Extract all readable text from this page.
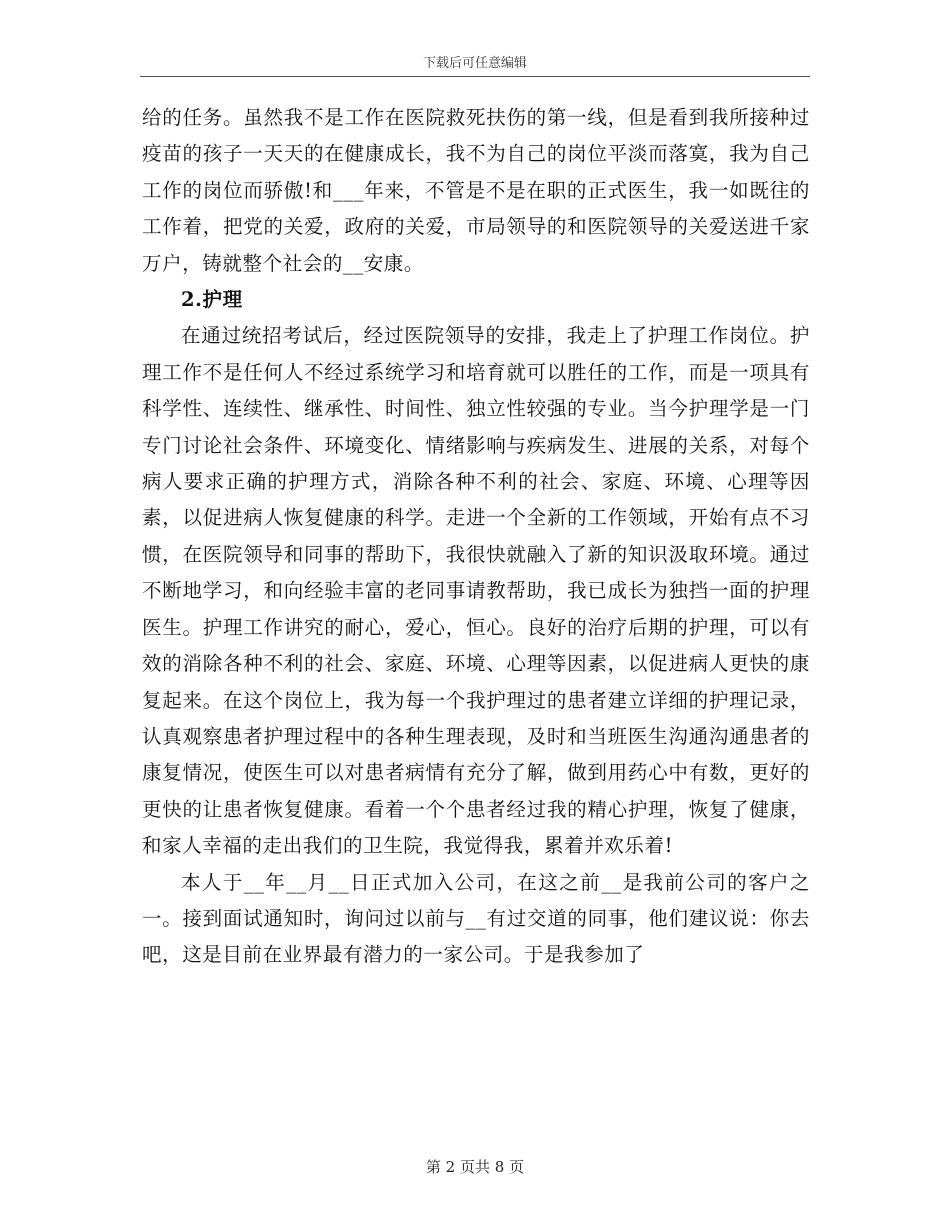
下载后可任意编辑

给的任务。虽然我不是工作在医院救死扶伤的第一线，但是看到我所接种过疫苗的孩子一天天的在健康成长，我不为自己的岗位平淡而落寞，我为自己工作的岗位而骄傲!和___年来，不管是不是在职的正式医生，我一如既往的工作着，把党的关爱，政府的关爱，市局领导的和医院领导的关爱送进千家万户，铸就整个社会的__安康。

2.护理

在通过统招考试后，经过医院领导的安排，我走上了护理工作岗位。护理工作不是任何人不经过系统学习和培育就可以胜任的工作，而是一项具有科学性、连续性、继承性、时间性、独立性较强的专业。当今护理学是一门专门讨论社会条件、环境变化、情绪影响与疾病发生、进展的关系，对每个病人要求正确的护理方式，消除各种不利的社会、家庭、环境、心理等因素，以促进病人恢复健康的科学。走进一个全新的工作领域，开始有点不习惯，在医院领导和同事的帮助下，我很快就融入了新的知识汲取环境。通过不断地学习，和向经验丰富的老同事请教帮助，我已成长为独挡一面的护理医生。护理工作讲究的耐心，爱心，恒心。良好的治疗后期的护理，可以有效的消除各种不利的社会、家庭、环境、心理等因素，以促进病人更快的康复起来。在这个岗位上，我为每一个我护理过的患者建立详细的护理记录，认真观察患者护理过程中的各种生理表现，及时和当班医生沟通沟通患者的康复情况，使医生可以对患者病情有充分了解，做到用药心中有数，更好的更快的让患者恢复健康。看着一个个患者经过我的精心护理，恢复了健康，和家人幸福的走出我们的卫生院，我觉得我，累着并欢乐着!

本人于__年__月__日正式加入公司，在这之前__是我前公司的客户之一。接到面试通知时，询问过以前与__有过交道的同事，他们建议说：你去吧，这是目前在业界最有潜力的一家公司。于是我参加了

第 2 页共 8 页
